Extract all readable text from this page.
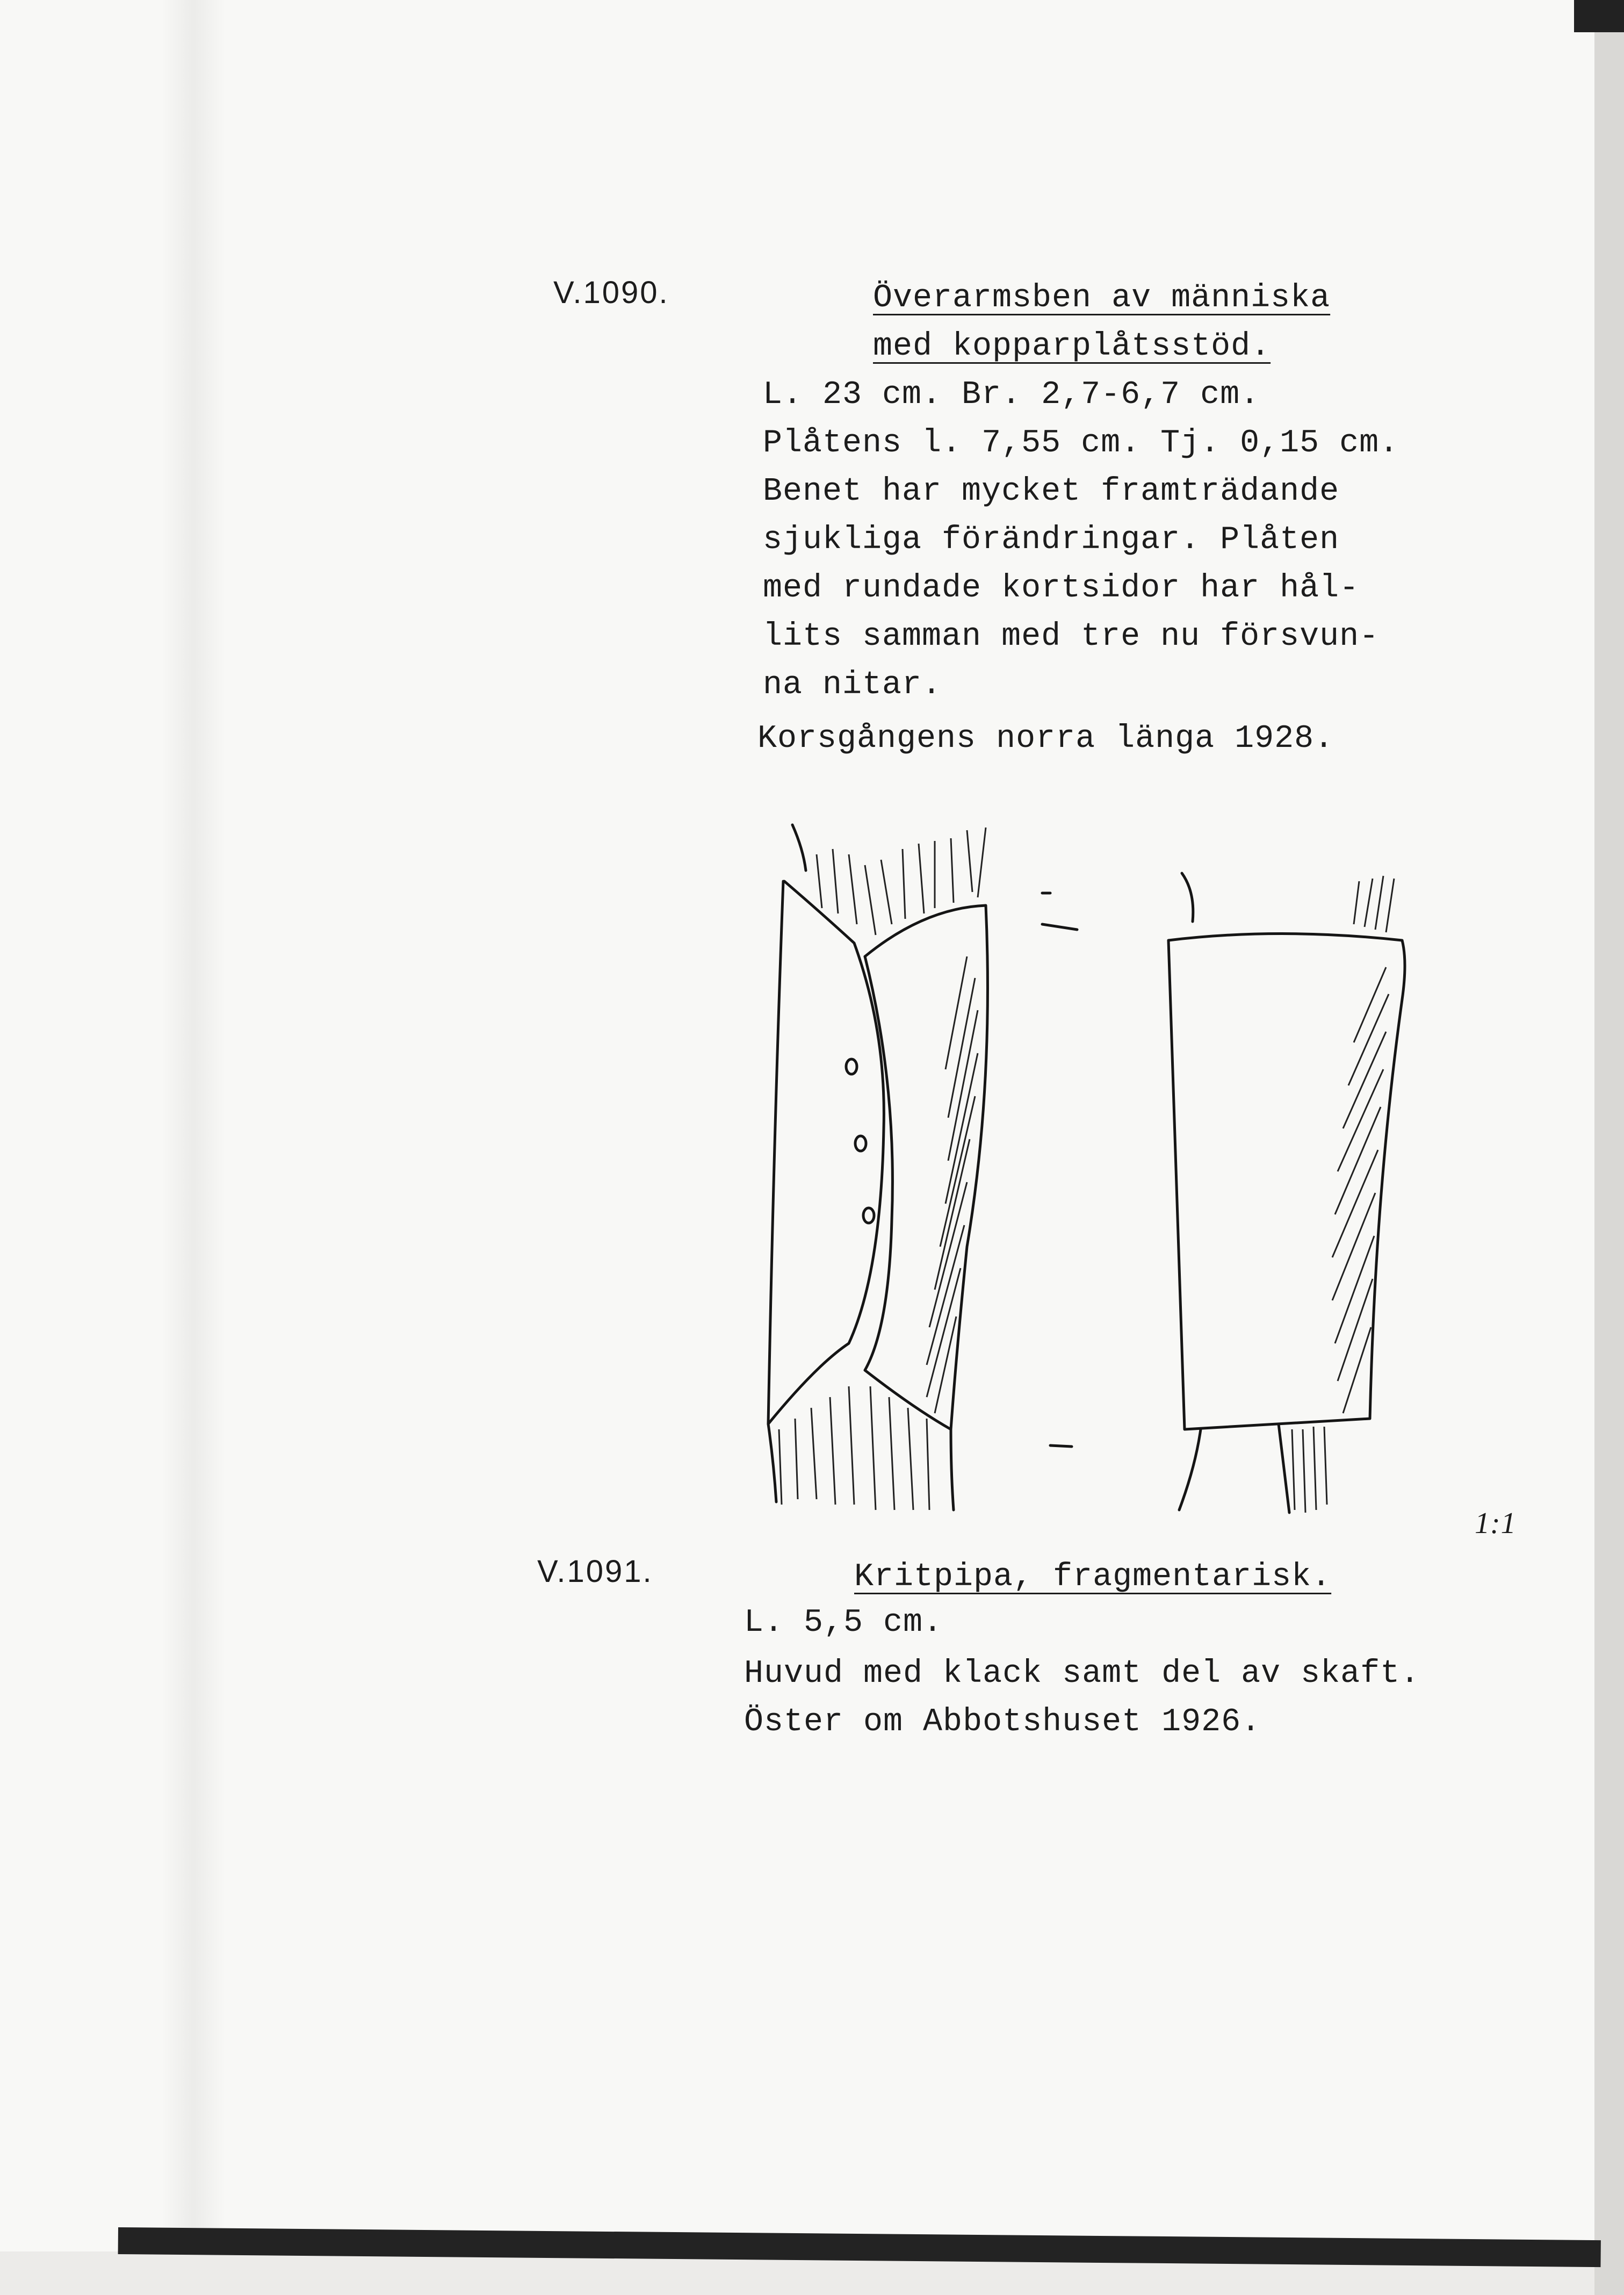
V.1090.	Överarmsben av människa

med kopparplåtsstöd.

L. 23 cm. Br. 2,7-6,7 cm.

Plåtens l. 7,55 cm. Tj. 0,15 cm.

Benet har mycket framträdande

sjukliga förändringar. Plåten

med rundade kortsidor har hål-

lits samman med tre nu försvun-

na nitar.

Korsgångens norra länga 1928.

1:1

V.1091.	Kritpipa, fragmentarisk.

L. 5,5 cm.

Huvud med klack samt del av skaft.

Öster om Abbotshuset 1926.
